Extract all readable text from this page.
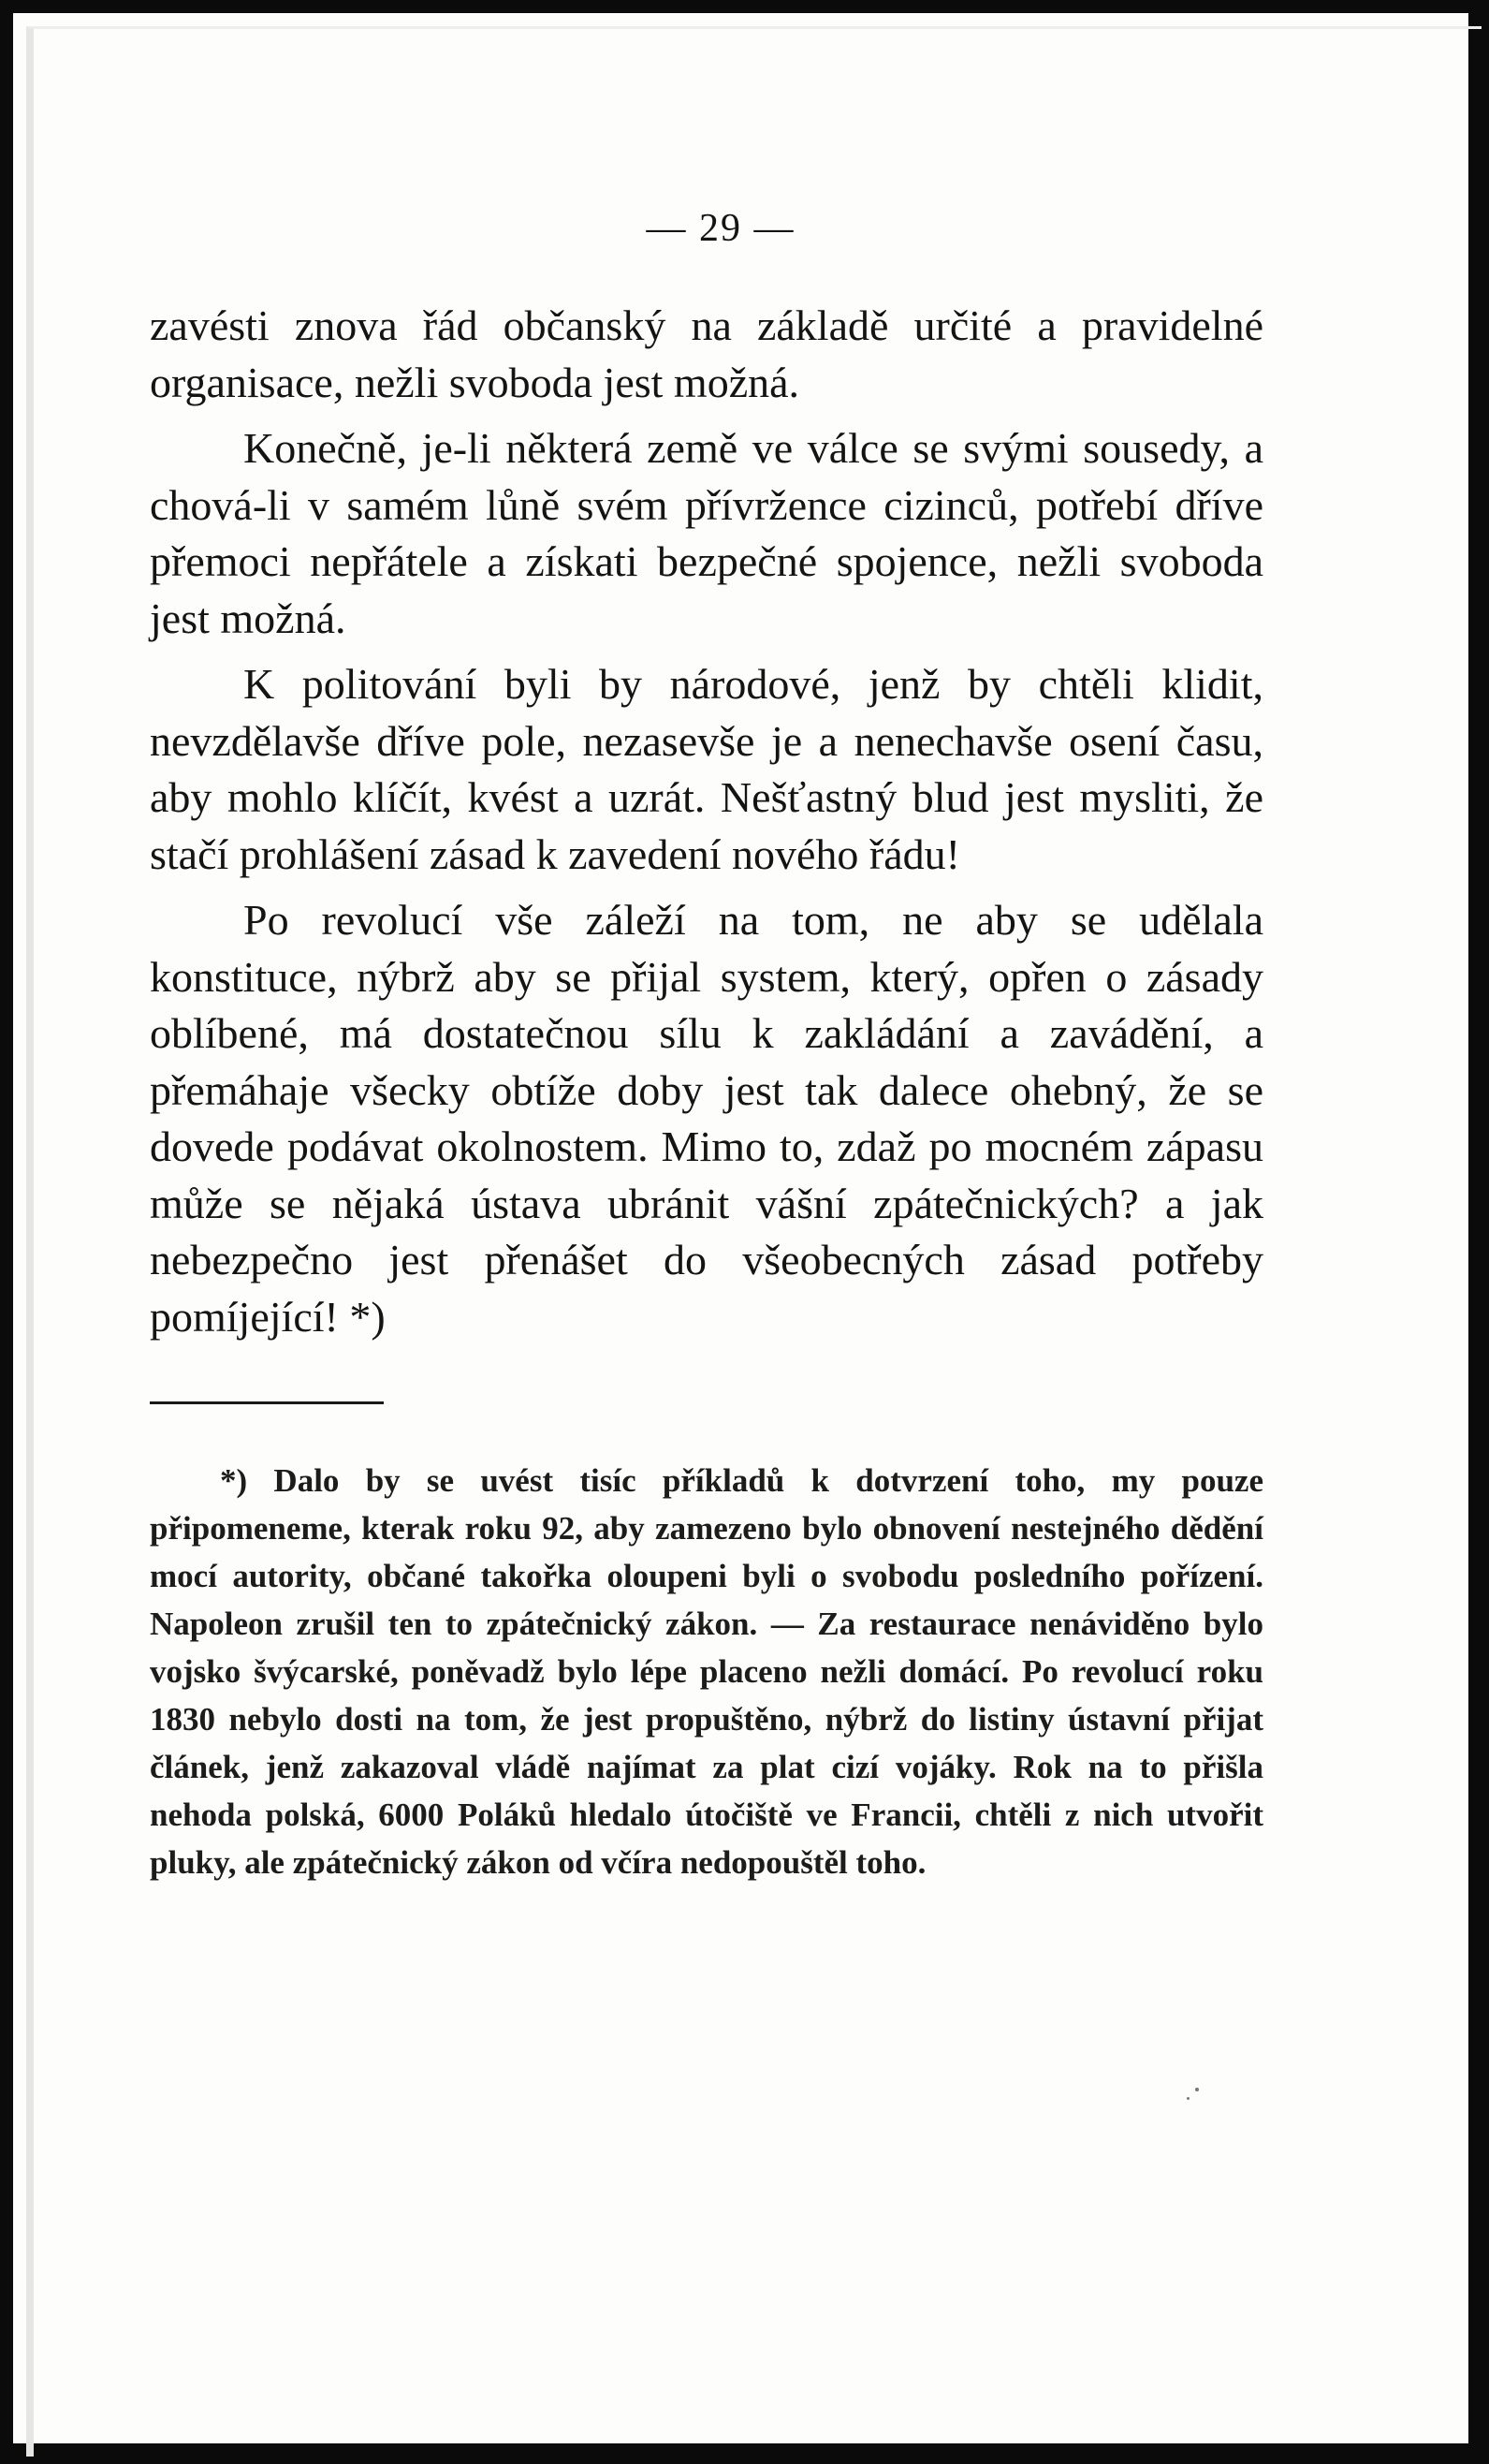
— 29 —

zavésti znova řád občanský na základě určité a pravidelné organisace, nežli svoboda jest možná.

Konečně, je-li některá země ve válce se svými sousedy, a chová-li v samém lůně svém přívržence cizinců, potřebí dříve přemoci nepřátele a získati bezpečné spojence, nežli svoboda jest možná.

K politování byli by národové, jenž by chtěli klidit, nevzdělavše dříve pole, nezasevše je a nenechavše osení času, aby mohlo klíčít, kvést a uzrát. Nešťastný blud jest mysliti, že stačí prohlášení zásad k zavedení nového řádu!

Po revolucí vše záleží na tom, ne aby se udělala konstituce, nýbrž aby se přijal system, který, opřen o zásady oblíbené, má dostatečnou sílu k zakládání a zavádění, a přemáhaje všecky obtíže doby jest tak dalece ohebný, že se dovede podávat okolnostem. Mimo to, zdaž po mocném zápasu může se nějaká ústava ubránit vášní zpátečnických? a jak nebezpečno jest přenášet do všeobecných zásad potřeby pomíjející! *)

*) Dalo by se uvést tisíc příkladů k dotvrzení toho, my pouze připomeneme, kterak roku 92, aby zamezeno bylo obnovení nestejného dědění mocí autority, občané takořka oloupeni byli o svobodu posledního pořízení. Napoleon zrušil ten to zpátečnický zákon. — Za restaurace nenáviděno bylo vojsko švýcarské, poněvadž bylo lépe placeno nežli domácí. Po revolucí roku 1830 nebylo dosti na tom, že jest propuštěno, nýbrž do listiny ústavní přijat článek, jenž zakazoval vládě najímat za plat cizí vojáky. Rok na to přišla nehoda polská, 6000 Poláků hledalo útočiště ve Francii, chtěli z nich utvořit pluky, ale zpátečnický zákon od včíra nedopouštěl toho.
